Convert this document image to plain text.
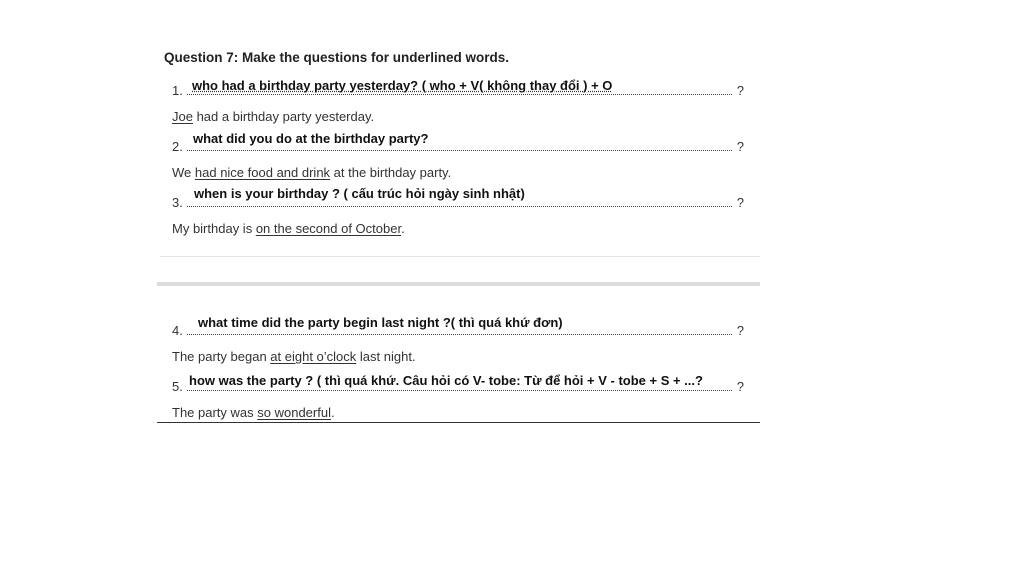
Question 7: Make the questions for underlined words.
1.	?
who had a birthday party yesterday? ( who + V( không thay đổi ) + O
Joe had a birthday party yesterday.
2.	?
what did you do at the birthday party?
We had nice food and drink at the birthday party.
3.	?
when is your birthday ? ( cấu trúc hỏi ngày sinh nhật)
My birthday is on the second of October.
4.	?
what time did the party begin last night ?( thì quá khứ đơn)
The party began at eight o’clock last night.
5.	?
how was the party ? ( thì quá khứ. Câu hỏi có V- tobe: Từ để hỏi + V - tobe + S + ...?
The party was so wonderful.
